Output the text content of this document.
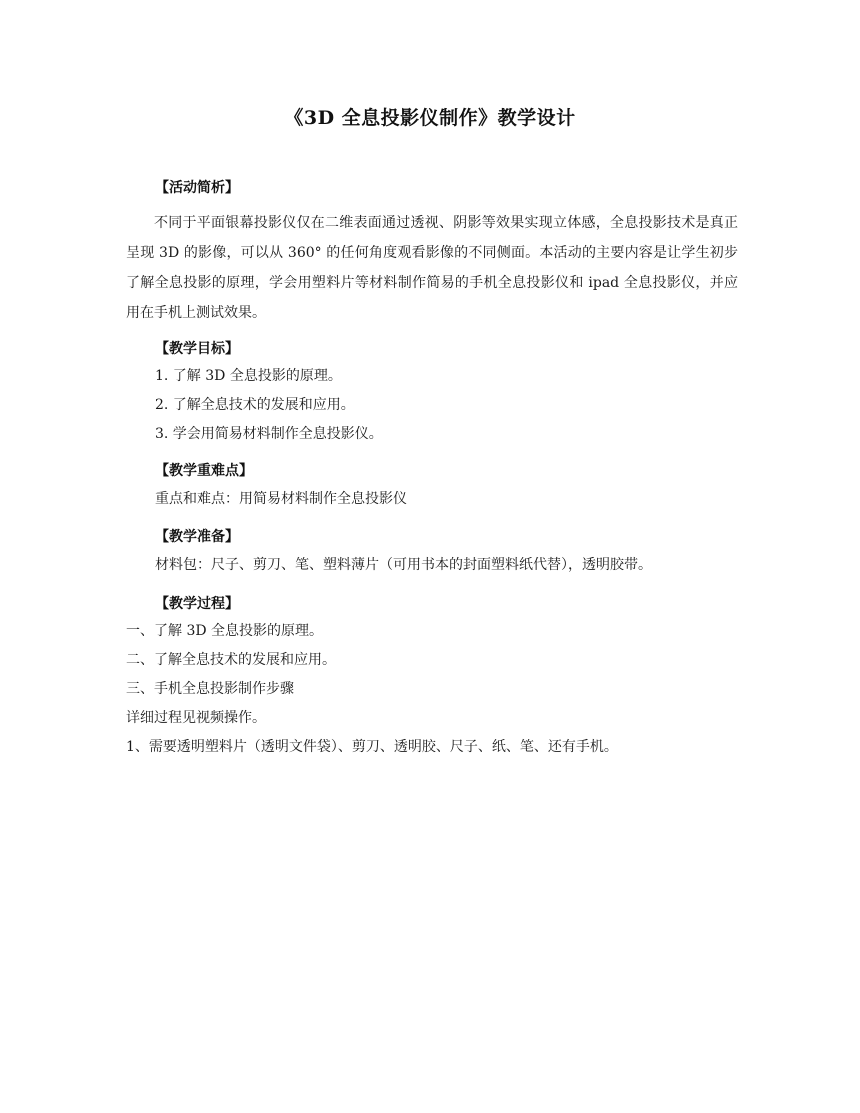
《3D 全息投影仪制作》教学设计
【活动简析】
不同于平面银幕投影仪仅在二维表面通过透视、阴影等效果实现立体感，全息投影技术是真正呈现 3D 的影像，可以从 360° 的任何角度观看影像的不同侧面。本活动的主要内容是让学生初步了解全息投影的原理，学会用塑料片等材料制作简易的手机全息投影仪和 ipad 全息投影仪，并应用在手机上测试效果。
【教学目标】
1. 了解 3D 全息投影的原理。
2. 了解全息技术的发展和应用。
3. 学会用简易材料制作全息投影仪。
【教学重难点】
重点和难点：用简易材料制作全息投影仪
【教学准备】
材料包：尺子、剪刀、笔、塑料薄片（可用书本的封面塑料纸代替），透明胶带。
【教学过程】
一、了解 3D 全息投影的原理。
二、了解全息技术的发展和应用。
三、手机全息投影制作步骤
详细过程见视频操作。
1、需要透明塑料片（透明文件袋）、剪刀、透明胶、尺子、纸、笔、还有手机。
